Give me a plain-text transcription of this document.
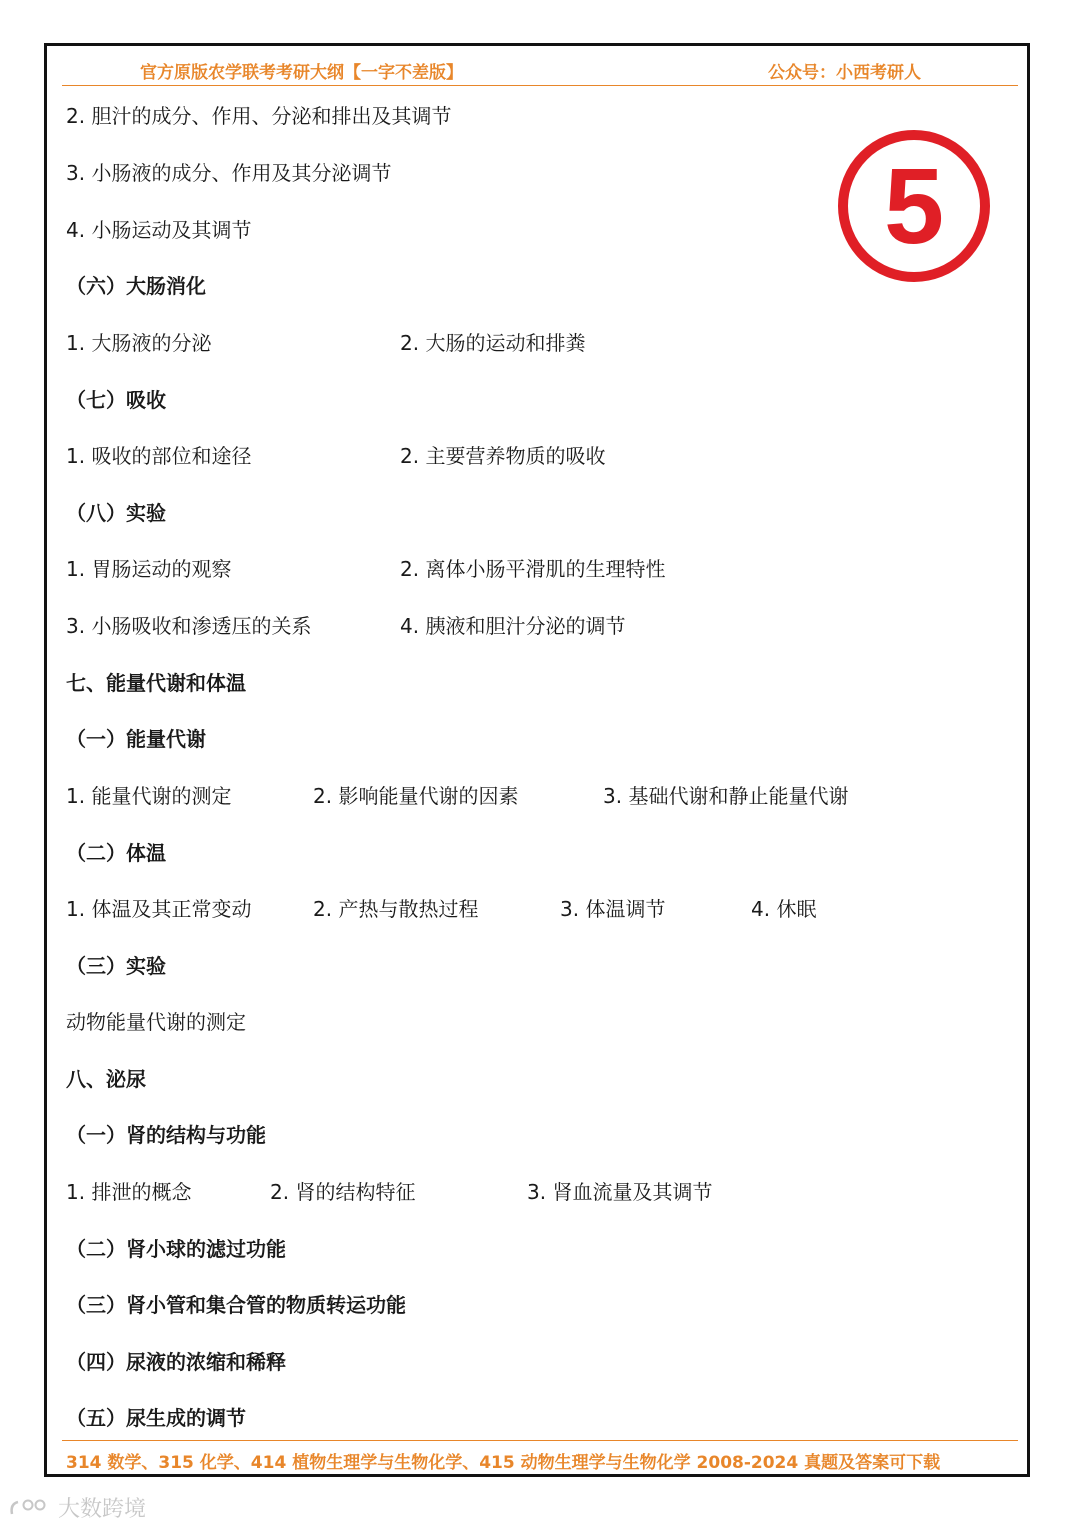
官方原版农学联考考研大纲【一字不差版】	公众号：小西考研人
5
2. 胆汁的成分、作用、分泌和排出及其调节
3. 小肠液的成分、作用及其分泌调节
4. 小肠运动及其调节
（六）大肠消化
1. 大肠液的分泌	2. 大肠的运动和排粪
（七）吸收
1. 吸收的部位和途径	2. 主要营养物质的吸收
（八）实验
1. 胃肠运动的观察	2. 离体小肠平滑肌的生理特性
3. 小肠吸收和渗透压的关系	4. 胰液和胆汁分泌的调节
七、能量代谢和体温
（一）能量代谢
1. 能量代谢的测定	2. 影响能量代谢的因素	3. 基础代谢和静止能量代谢
（二）体温
1. 体温及其正常变动	2. 产热与散热过程	3. 体温调节	4. 休眠
（三）实验
动物能量代谢的测定
八、泌尿
（一）肾的结构与功能
1. 排泄的概念	2. 肾的结构特征	3. 肾血流量及其调节
（二）肾小球的滤过功能
（三）肾小管和集合管的物质转运功能
（四）尿液的浓缩和稀释
（五）尿生成的调节
314 数学、315 化学、414 植物生理学与生物化学、415 动物生理学与生物化学 2008-2024 真题及答案可下载
大数跨境
